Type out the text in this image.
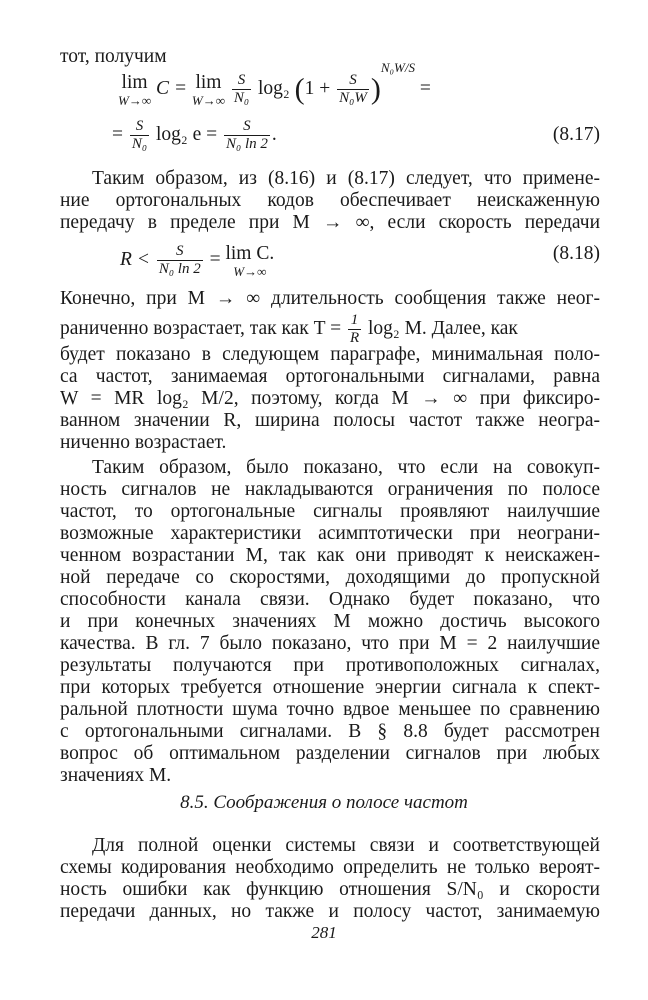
тот, получим
lim
W→∞
C = lim
W→∞
$\frac{S}{\text{N₀}} \log_2$ $(1 + \frac{S}{\text{N₀W}} )^{N_0W/S}$ =
= $\frac{S}{\text{N₀}} \log_2$ $e = \frac{S}{\text{N₀ ln 2}}$ .	(8.17)
Таким образом, из (8.16) и (8.17) следует, что примене-
ние ортогональных кодов обеспечивает неискаженную
передачу в пределе при M → ∞, если скорость передачи
$R < \frac{S}{\text{N₀ ln 2}} = \lim C$.
W→∞
(8.18)
Конечно, при M → ∞ длительность сообщения также неог-
раниченно возрастает, так как $T = \frac{1}{R} \log_2$ M. Далее, как
будет показано в следующем параграфе, минимальная поло-
са частот, занимаемая ортогональными сигналами, равна
W = MR log₂ M/2, поэтому, когда M → ∞ при фиксиро-
ванном значении R, ширина полосы частот также неогра-
ниченно возрастает.
Таким образом, было показано, что если на совокуп-
ность сигналов не накладываются ограничения по полосе
частот, то ортогональные сигналы проявляют наилучшие
возможные характеристики асимптотически при неограни-
ченном возрастании M, так как они приводят к неискажен-
ной передаче со скоростями, доходящими до пропускной
способности канала связи. Однако будет показано, что
и при конечных значениях M можно достичь высокого
качества. В гл. 7 было показано, что при M = 2 наилучшие
результаты получаются при противоположных сигналах,
при которых требуется отношение энергии сигнала к спект-
ральной плотности шума точно вдвое меньшее по сравнению
с ортогональными сигналами. В § 8.8 будет рассмотрен
вопрос об оптимальном разделении сигналов при любых
значениях M.
8.5. Соображения о полосе частот
Для полной оценки системы связи и соответствующей
схемы кодирования необходимо определить не только вероят-
ность ошибки как функцию отношения S/N₀ и скорости
передачи данных, но также и полосу частот, занимаемую
281
